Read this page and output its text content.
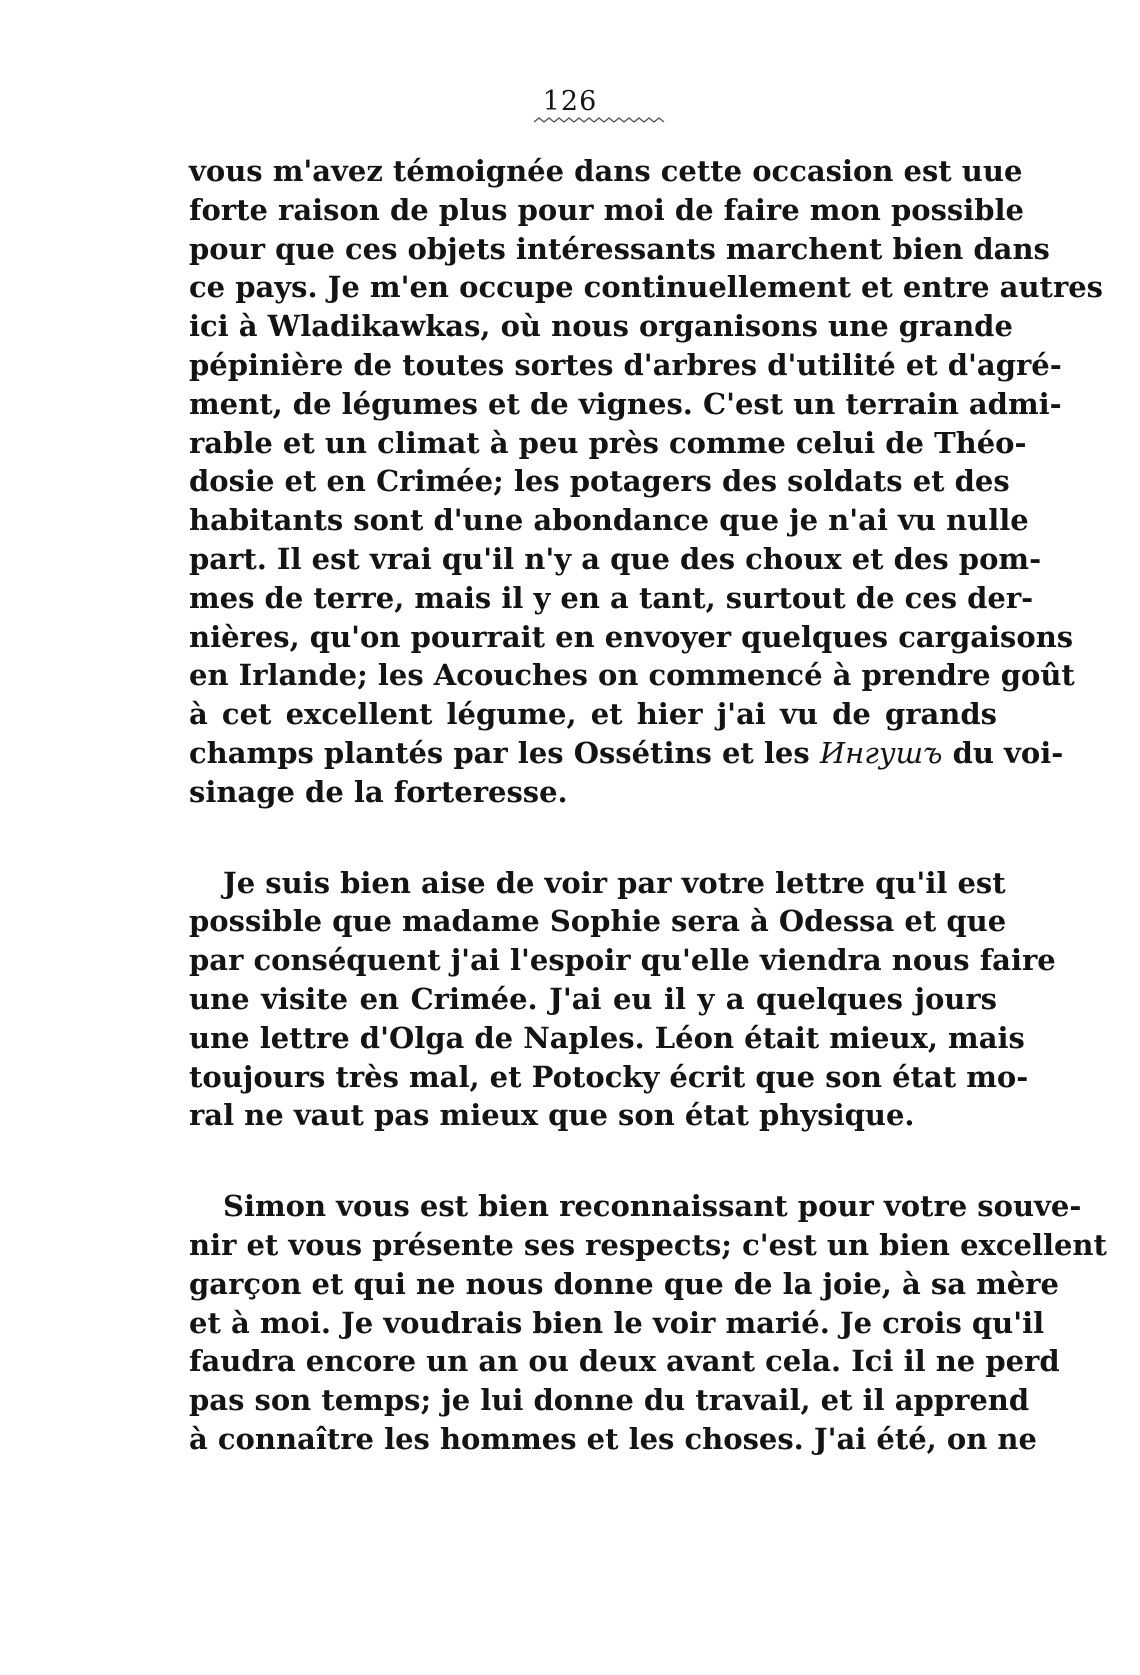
126
vous m'avez témoignée dans cette occasion est uue
forte raison de plus pour moi de faire mon possible
pour que ces objets intéressants marchent bien dans
ce pays. Je m'en occupe continuellement et entre autres
ici à Wladikawkas, où nous organisons une grande
pépinière de toutes sortes d'arbres d'utilité et d'agré-
ment, de légumes et de vignes. C'est un terrain admi-
rable et un climat à peu près comme celui de Théo-
dosie et en Crimée; les potagers des soldats et des
habitants sont d'une abondance que je n'ai vu nulle
part. Il est vrai qu'il n'y a que des choux et des pom-
mes de terre, mais il y en a tant, surtout de ces der-
nières, qu'on pourrait en envoyer quelques cargaisons
en Irlande; les Acouches on commencé à prendre goût
à cet excellent légume, et hier j'ai vu de grands
champs plantés par les Ossétins et les Ингушъ du voi-
sinage de la forteresse.
Je suis bien aise de voir par votre lettre qu'il est
possible que madame Sophie sera à Odessa et que
par conséquent j'ai l'espoir qu'elle viendra nous faire
une visite en Crimée. J'ai eu il y a quelques jours
une lettre d'Olga de Naples. Léon était mieux, mais
toujours très mal, et Potocky écrit que son état mo-
ral ne vaut pas mieux que son état physique.
Simon vous est bien reconnaissant pour votre souve-
nir et vous présente ses respects; c'est un bien excellent
garçon et qui ne nous donne que de la joie, à sa mère
et à moi. Je voudrais bien le voir marié. Je crois qu'il
faudra encore un an ou deux avant cela. Ici il ne perd
pas son temps; je lui donne du travail, et il apprend
à connaître les hommes et les choses. J'ai été, on ne
